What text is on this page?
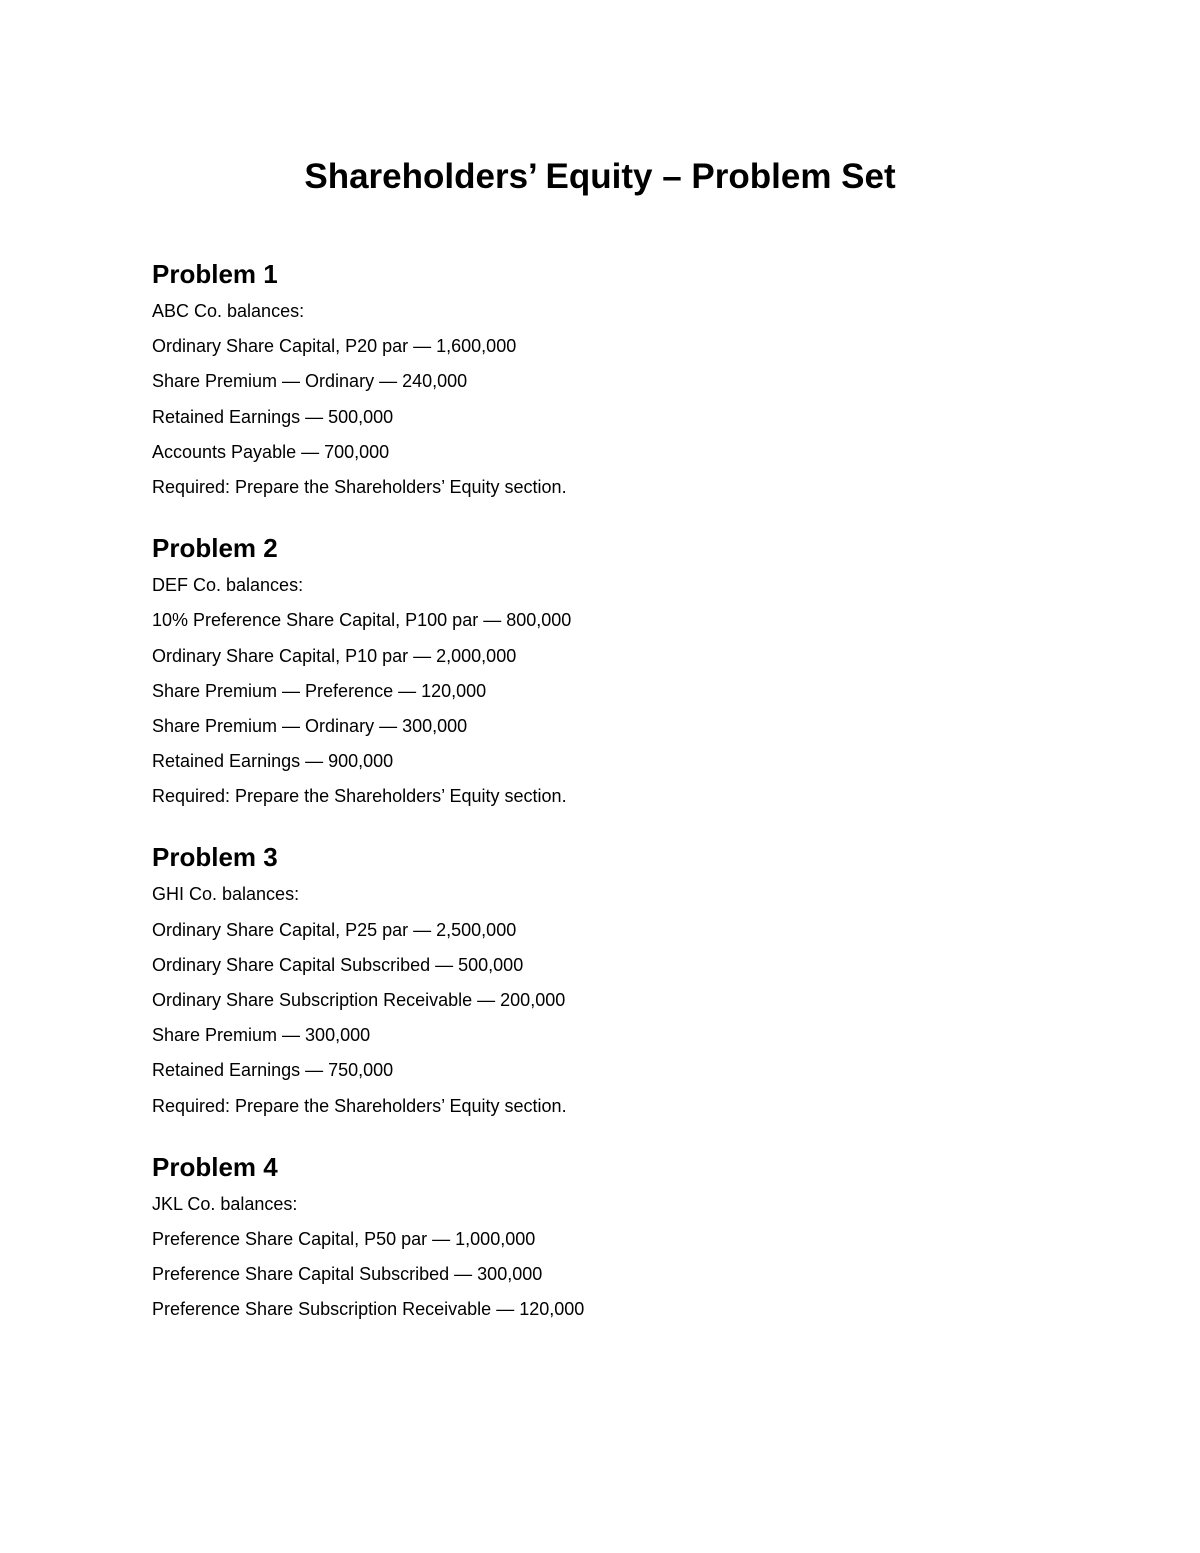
Shareholders’ Equity – Problem Set
Problem 1

ABC Co. balances:

Ordinary Share Capital, P20 par — 1,600,000

Share Premium — Ordinary — 240,000

Retained Earnings — 500,000

Accounts Payable — 700,000

Required: Prepare the Shareholders’ Equity section.

Problem 2

DEF Co. balances:

10% Preference Share Capital, P100 par — 800,000

Ordinary Share Capital, P10 par — 2,000,000

Share Premium — Preference — 120,000

Share Premium — Ordinary — 300,000

Retained Earnings — 900,000

Required: Prepare the Shareholders’ Equity section.

Problem 3

GHI Co. balances:

Ordinary Share Capital, P25 par — 2,500,000

Ordinary Share Capital Subscribed — 500,000

Ordinary Share Subscription Receivable — 200,000

Share Premium — 300,000

Retained Earnings — 750,000

Required: Prepare the Shareholders’ Equity section.

Problem 4

JKL Co. balances:

Preference Share Capital, P50 par — 1,000,000

Preference Share Capital Subscribed — 300,000

Preference Share Subscription Receivable — 120,000
